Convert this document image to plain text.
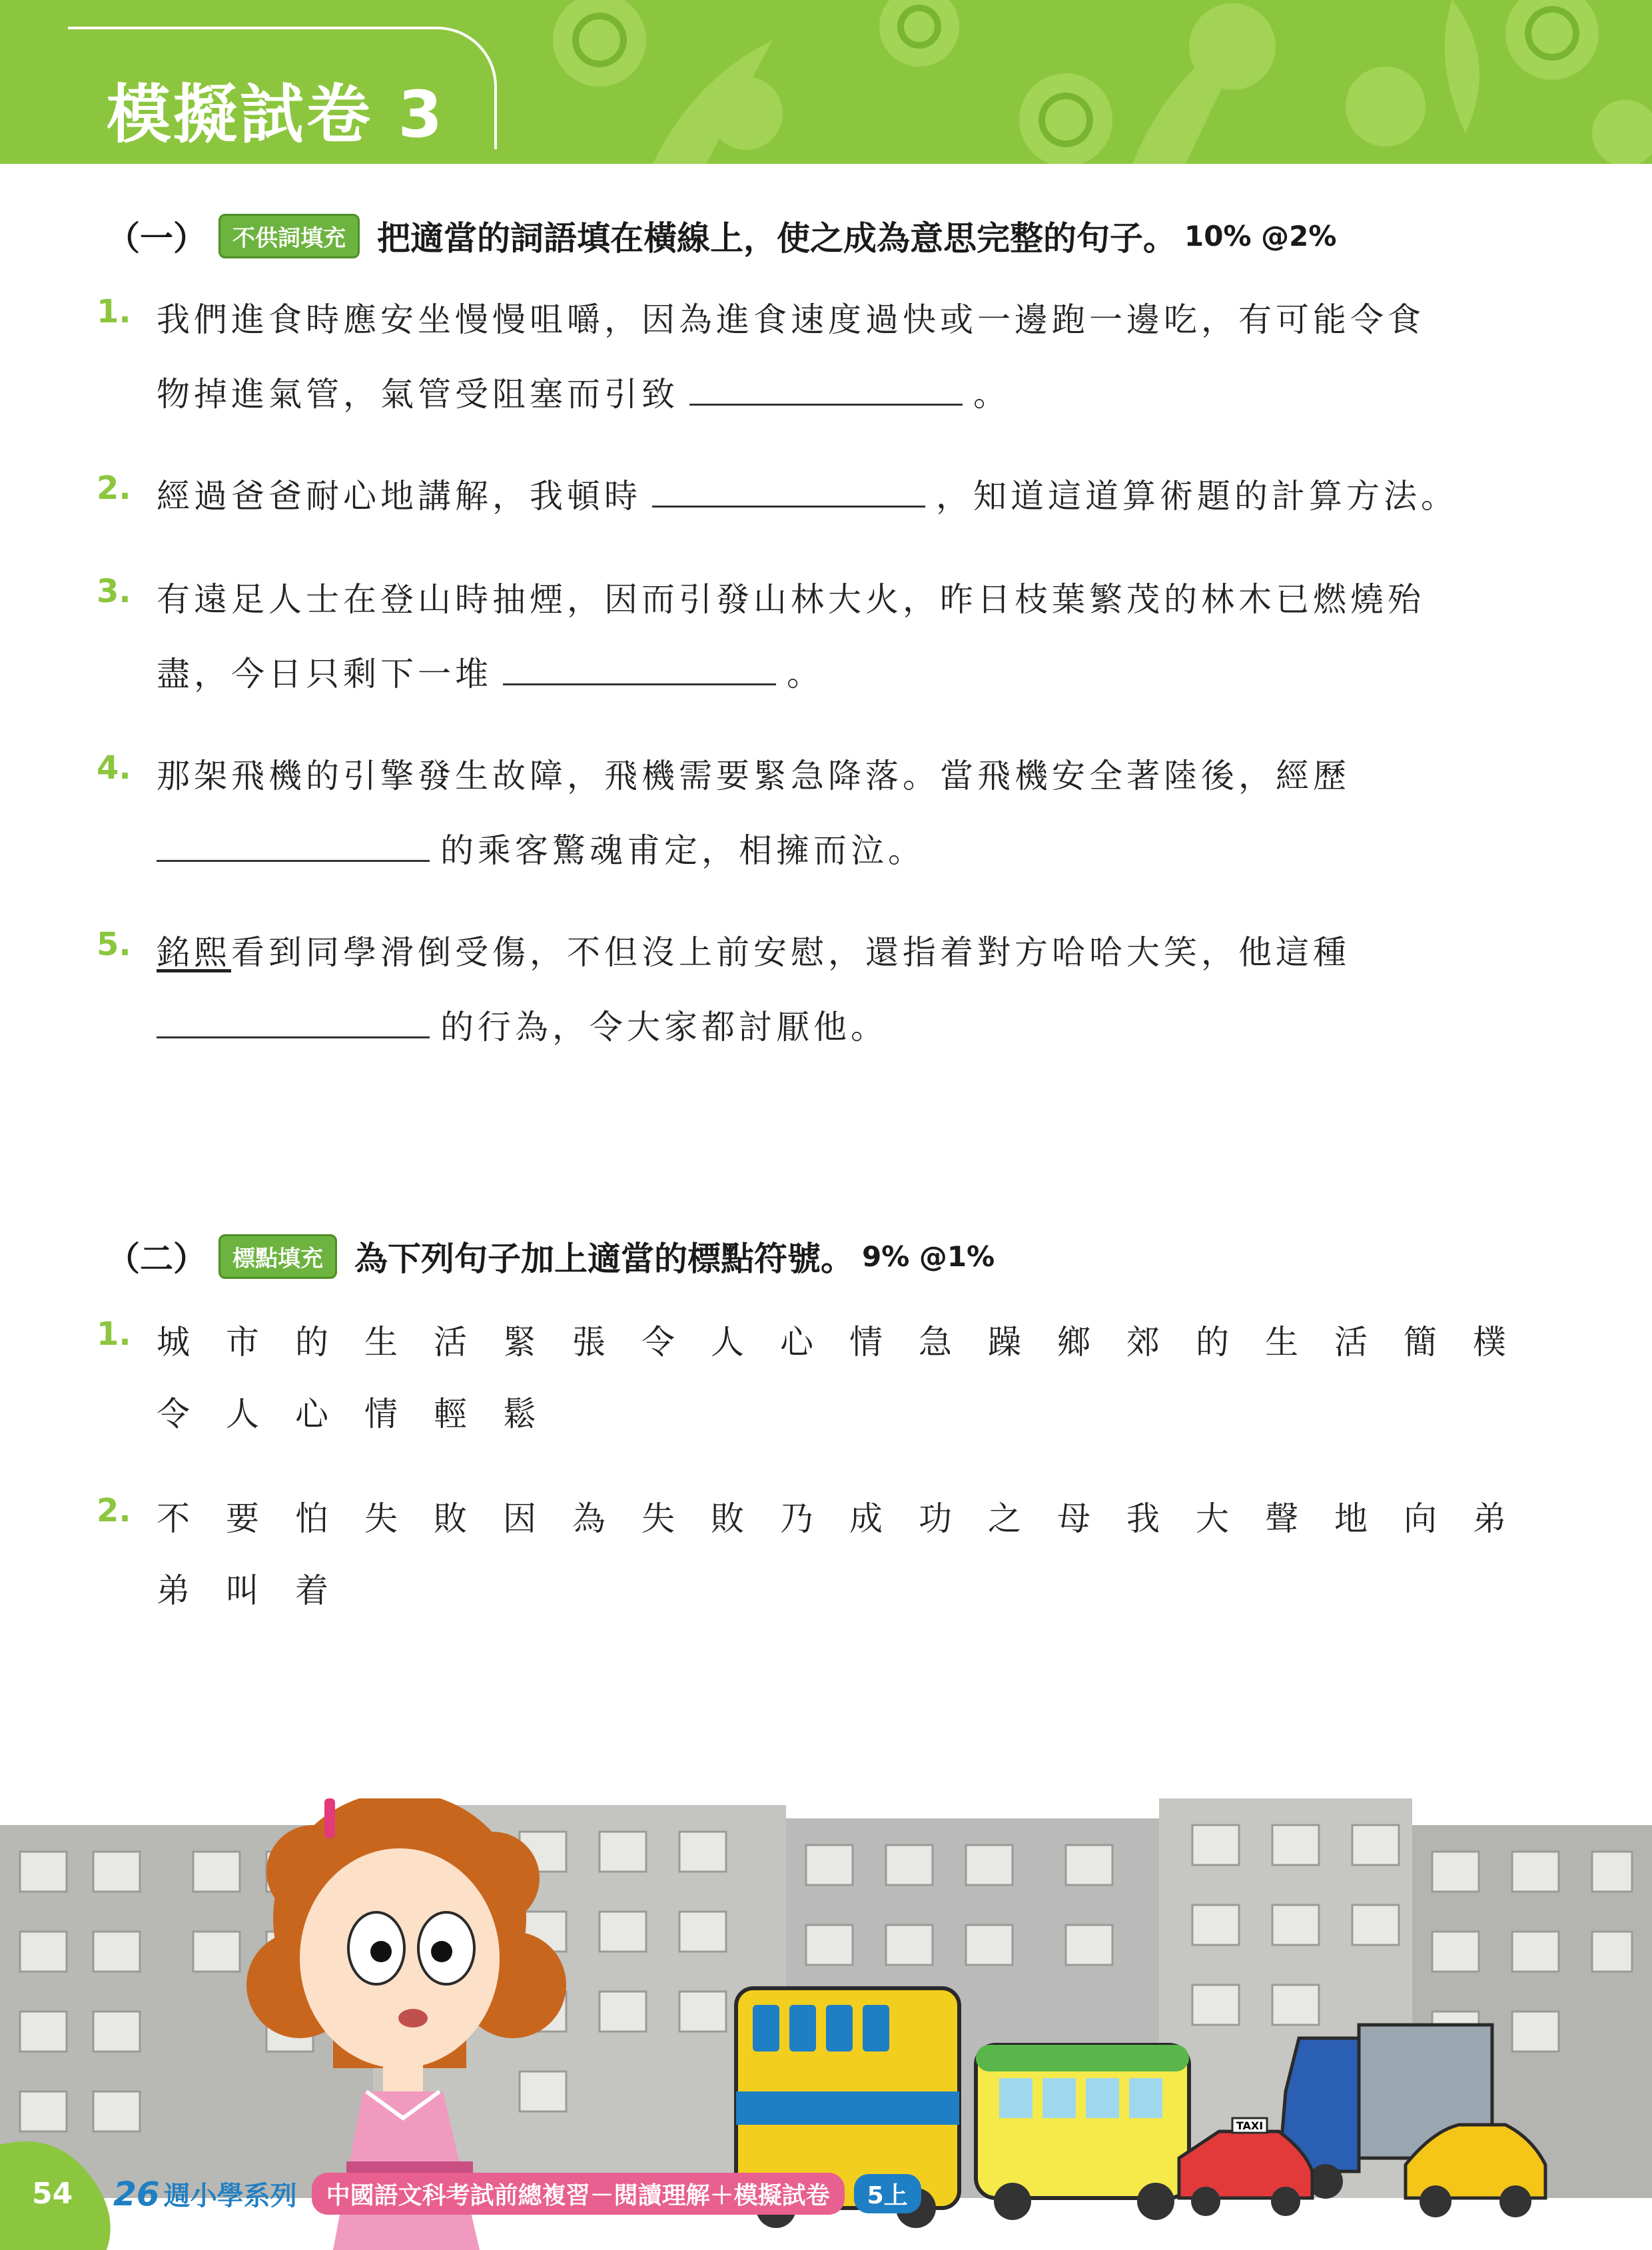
模擬試卷 3
（一）	不供詞填充 把適當的詞語填在橫線上，使之成為意思完整的句子。 10% @2%
1. 我們進食時應安坐慢慢咀嚼，因為進食速度過快或一邊跑一邊吃，有可能令食
物掉進氣管，氣管受阻塞而引致	。
2. 經過爸爸耐心地講解，我頓時	，知道這道算術題的計算方法。
3. 有遠足人士在登山時抽煙，因而引發山林大火，昨日枝葉繁茂的林木已燃燒殆
盡，今日只剩下一堆	。
4. 那架飛機的引擎發生故障，飛機需要緊急降落。當飛機安全著陸後，經歷
的乘客驚魂甫定，相擁而泣。
5. 銘熙看到同學滑倒受傷，不但沒上前安慰，還指着對方哈哈大笑，他這種
的行為，令大家都討厭他。
（二）	標點填充 為下列句子加上適當的標點符號。 9% @1%
1. 城 市 的 生 活 緊 張 令 人 心 情 急 躁 鄉 郊 的 生 活 簡 樸
令 人 心 情 輕 鬆
2. 不 要 怕 失 敗 因 為 失 敗 乃 成 功 之 母 我 大 聲 地 向 弟
弟 叫 着
TAXI
54 26 週小學系列	中國語文科考試前總複習－閱讀理解＋模擬試卷	5上
